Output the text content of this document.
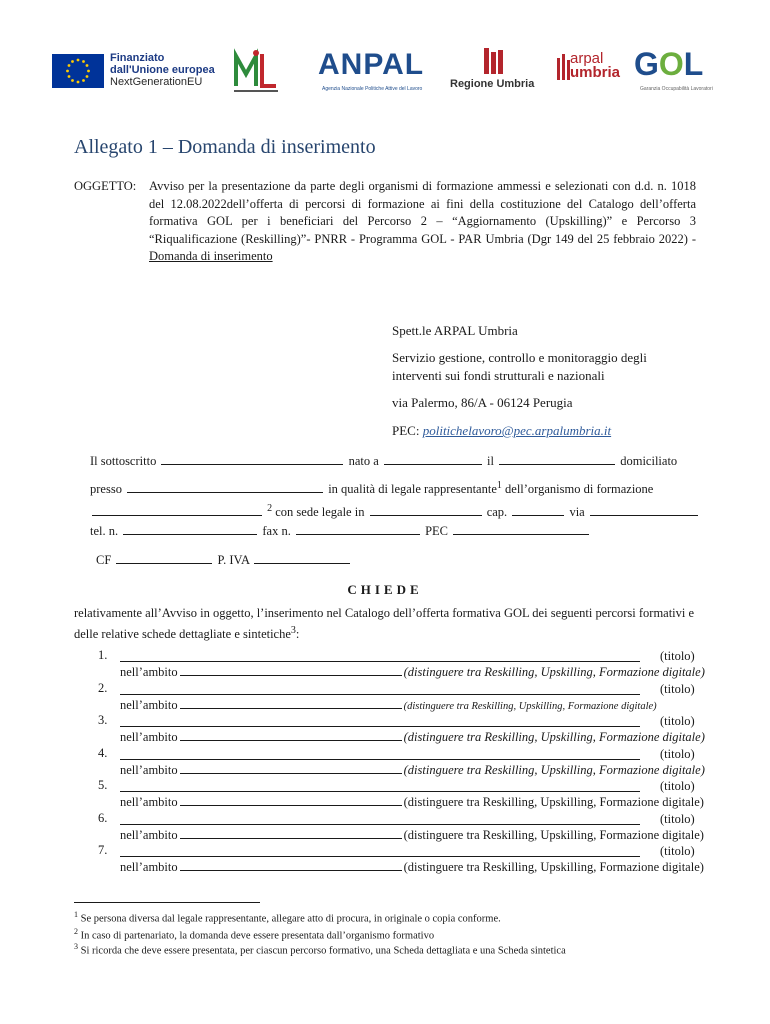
Finanziato
dall'Unione europea
NextGenerationEU
ANPAL
Agenzia Nazionale Politiche Attive del Lavoro	Regione Umbria
arpal
umbria GOL
Garanzia Occupabilità Lavoratori
Allegato 1 – Domanda di inserimento
OGGETTO: Avviso per la presentazione da parte degli organismi di formazione ammessi e selezionati con d.d. n. 1018 del 12.08.2022dell’offerta di percorsi di formazione ai fini della costituzione del Catalogo dell’offerta formativa GOL per i beneficiari del Percorso 2 – “Aggiornamento (Upskilling)” e Percorso 3 “Riqualificazione (Reskilling)”- PNRR - Programma GOL - PAR Umbria (Dgr 149 del 25 febbraio 2022) - Domanda di inserimento
Spett.le ARPAL Umbria
Servizio gestione, controllo e monitoraggio degli
interventi sui fondi strutturali e nazionali
via Palermo, 86/A - 06124 Perugia
PEC: politichelavoro@pec.arpalumbria.it
Il sottoscritto	nato a	il	domiciliato
presso	in qualità di legale rappresentante$^1$ dell’organismo di formazione
$^2$ con sede legale in	cap.	via
tel. n.	fax n.	PEC
CF	P. IVA
CHIEDE
relativamente all’Avviso in oggetto, l’inserimento nel Catalogo dell’offerta formativa GOL dei seguenti percorsi formativi e delle relative schede dettagliate e sintetiche$^3$:
1.	(titolo)
nell’ambito	(distinguere tra Reskilling, Upskilling, Formazione digitale)
2.	(titolo)
nell’ambito	(distinguere tra Reskilling, Upskilling, Formazione digitale)
3.	(titolo)
nell’ambito	(distinguere tra Reskilling, Upskilling, Formazione digitale)
4.	(titolo)
nell’ambito	(distinguere tra Reskilling, Upskilling, Formazione digitale)
5.	(titolo)
nell’ambito	(distinguere tra Reskilling, Upskilling, Formazione digitale)
6.	(titolo)
nell’ambito	(distinguere tra Reskilling, Upskilling, Formazione digitale)
7.	(titolo)
nell’ambito	(distinguere tra Reskilling, Upskilling, Formazione digitale)
$^1$ Se persona diversa dal legale rappresentante, allegare atto di procura, in originale o copia conforme.
$^2$ In caso di partenariato, la domanda deve essere presentata dall’organismo formativo
$^3$ Si ricorda che deve essere presentata, per ciascun percorso formativo, una Scheda dettagliata e una Scheda sintetica
